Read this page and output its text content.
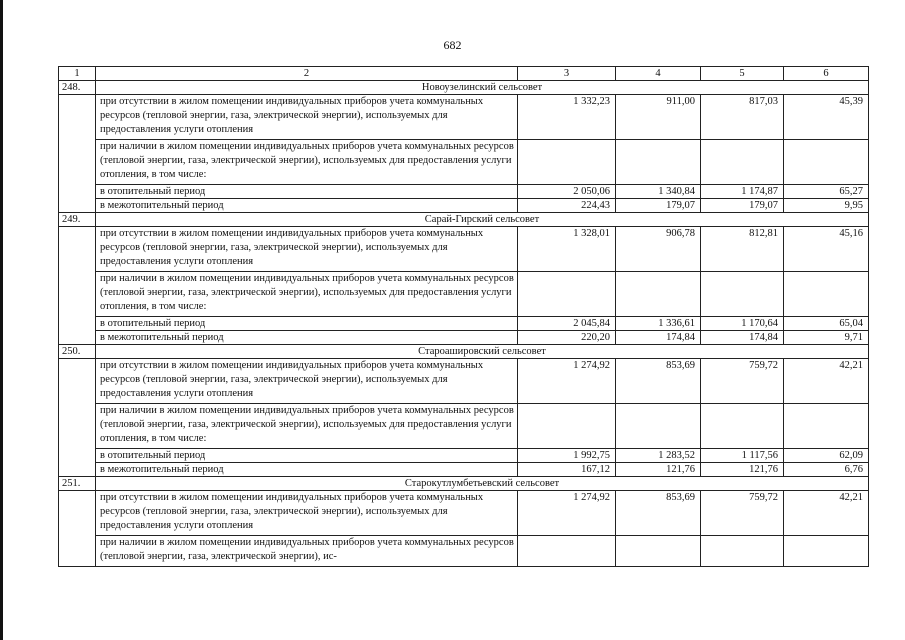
682
1	2	3	4	5	6
248.	Новоузелинский сельсовет				
	при отсутствии в жилом помещении индивидуальных приборов учета коммунальных ресурсов (тепловой энергии, газа, электрической энергии), используемых для предоставления услуги отопления	1 332,23	911,00	817,03	45,39
	при наличии в жилом помещении индивидуальных приборов учета коммунальных ресурсов (тепловой энергии, газа, электрической энергии), используемых для предоставления услуги отопления, в том числе:				
	в отопительный период	2 050,06	1 340,84	1 174,87	65,27
	в межотопительный период	224,43	179,07	179,07	9,95
249.	Сарай-Гирский сельсовет				
	при отсутствии в жилом помещении индивидуальных приборов учета коммунальных ресурсов (тепловой энергии, газа, электрической энергии), используемых для предоставления услуги отопления	1 328,01	906,78	812,81	45,16
	при наличии в жилом помещении индивидуальных приборов учета коммунальных ресурсов (тепловой энергии, газа, электрической энергии), используемых для предоставления услуги отопления, в том числе:				
	в отопительный период	2 045,84	1 336,61	1 170,64	65,04
	в межотопительный период	220,20	174,84	174,84	9,71
250.	Староашировский сельсовет				
	при отсутствии в жилом помещении индивидуальных приборов учета коммунальных ресурсов (тепловой энергии, газа, электрической энергии), используемых для предоставления услуги отопления	1 274,92	853,69	759,72	42,21
	при наличии в жилом помещении индивидуальных приборов учета коммунальных ресурсов (тепловой энергии, газа, электрической энергии), используемых для предоставления услуги отопления, в том числе:				
	в отопительный период	1 992,75	1 283,52	1 117,56	62,09
	в межотопительный период	167,12	121,76	121,76	6,76
251.	Старокутлумбетьевский сельсовет				
	при отсутствии в жилом помещении индивидуальных приборов учета коммунальных ресурсов (тепловой энергии, газа, электрической энергии), используемых для предоставления услуги отопления	1 274,92	853,69	759,72	42,21
	при наличии в жилом помещении индивидуальных приборов учета коммунальных ресурсов (тепловой энергии, газа, электрической энергии), ис-				
